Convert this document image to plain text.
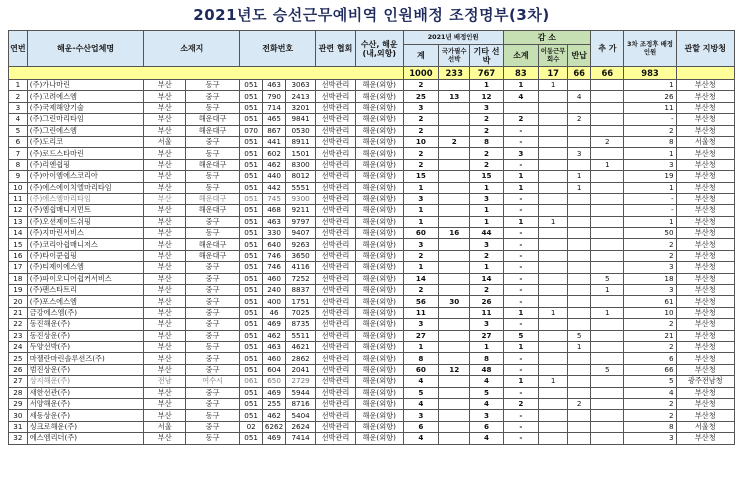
2021년도 승선근무예비역 인원배정 조정명부(3차)
연번	해운·수산업체명	소재지		전화번호			관련 협회	수산, 해운 (내,외항)	2021년 배정인원			감 소			추 가	3차 조정후 배정인원	관할 지방청
									계	국가필수 선박	기타 선박	소계	이동근무 회수	반납			
									1000	233	767	83	17	66	66	983	
1	(주)가나마린	부산	동구	051	463	3063	선박관리	해운(외항)	2		1	1	1			1	부산청
2	(주)고려에스엠	부산	중구	051	790	2413	선박관리	해운(외항)	25	13	12	4		4		26	부산청
3	(주)국제해양기술	부산	동구	051	714	3201	선박관리	해운(외항)	3		3					11	부산청
4	(주)그린마리타임	부산	해운대구	051	465	9841	선박관리	해운(외항)	2		2	2		2		-	부산청
5	(주)그린에스엠	부산	해운대구	070	867	0530	선박관리	해운(외항)	2		2	-				2	부산청
6	(주)도리코	서울	중구	051	441	8911	선박관리	해운(외항)	10	2	8	-			2	8	서울청
7	(주)로드스타마린	부산	동구	051	602	1501	선박관리	해운(외항)	2		2	3		3		1	부산청
8	(주)리엔쉽핑	부산	해운대구	051	462	8300	선박관리	해운(외항)	2		2	-			1	3	부산청
9	(주)아이엠에스코리아	부산	동구	051	440	8012	선박관리	해운(외항)	15		15	1		1		19	부산청
10	(주)에스에이치엘마리타임	부산	동구	051	442	5551	선박관리	해운(외항)	1		1	1		1		1	부산청
11	(주)에스엠마리타임	부산	해운대구	051	745	9300	선박관리	해운(외항)	3		3	-				-	부산청
12	(주)엠쉽매니지먼트	부산	해운대구	051	468	9211	선박관리	해운(외항)	1		1	-				-	부산청
13	(주)오션제이드쉬핑	부산	중구	051	463	9797	선박관리	해운(외항)	1		1	1	1			1	부산청
14	(주)지마린서비스	부산	동구	051	330	9407	선박관리	해운(외항)	60	16	44	-				50	부산청
15	(주)코리아쉽매니저스	부산	해운대구	051	640	9263	선박관리	해운(외항)	3		3	-				2	부산청
16	(주)타이쿤쉽핑	부산	해운대구	051	746	3650	선박관리	해운(외항)	2		2	-				2	부산청
17	(주)티제이에스엠	부산	중구	051	746	4116	선박관리	해운(외항)	1		1	-				3	부산청
18	(주)파이오니어쉽커서비스	부산	중구	051	460	7252	선박관리	해운(외항)	14		14	-			5	18	부산청
19	(주)팬스타트리	부산	중구	051	240	8837	선박관리	해운(외항)	2		2	-			1	3	부산청
20	(주)포스에스엠	부산	중구	051	400	1751	선박관리	해운(외항)	56	30	26	-				61	부산청
21	금강에스엠(주)	부산	중구	051	46	7025	선박관리	해운(외항)	11		11	1	1		1	10	부산청
22	동진해운(주)	부산	중구	051	469	8735	선박관리	해운(외항)	3		3	-				2	부산청
23	동진상운(주)	부산	중구	051	462	5511	선박관리	해운(외항)	27		27	5		5		21	부산청
24	두양선박(주)	부산	동구	051	463	4621	선박관리	해운(외항)	1		1	1		1		2	부산청
25	마젤란마린솔루션즈(주)	부산	중구	051	460	2862	선박관리	해운(외항)	8		8	-				6	부산청
26	범진상운(주)	부산	중구	051	604	2041	선박관리	해운(외항)	60	12	48	-			5	66	부산청
27	상지해운(주)	전남	여수시	061	650	2729	선박관리	해운(외항)	4		4	1	1			5	광주전남청
28	새한선관(주)	부산	중구	051	469	5944	선박관리	해운(외항)	5		5	-				4	부산청
29	서양해운(주)	부산	중구	051	255	8716	선박관리	해운(외항)	4		4	2		2		2	부산청
30	세동상운(주)	부산	동구	051	462	5404	선박관리	해운(외항)	3		3	-				2	부산청
31	싱크로해운(주)	서울	중구	02	6262	2624	선박관리	해운(외항)	6		6	-				8	서울청
32	에스엠리더(주)	부산	동구	051	469	7414	선박관리	해운(외항)	4		4	-				3	부산청
